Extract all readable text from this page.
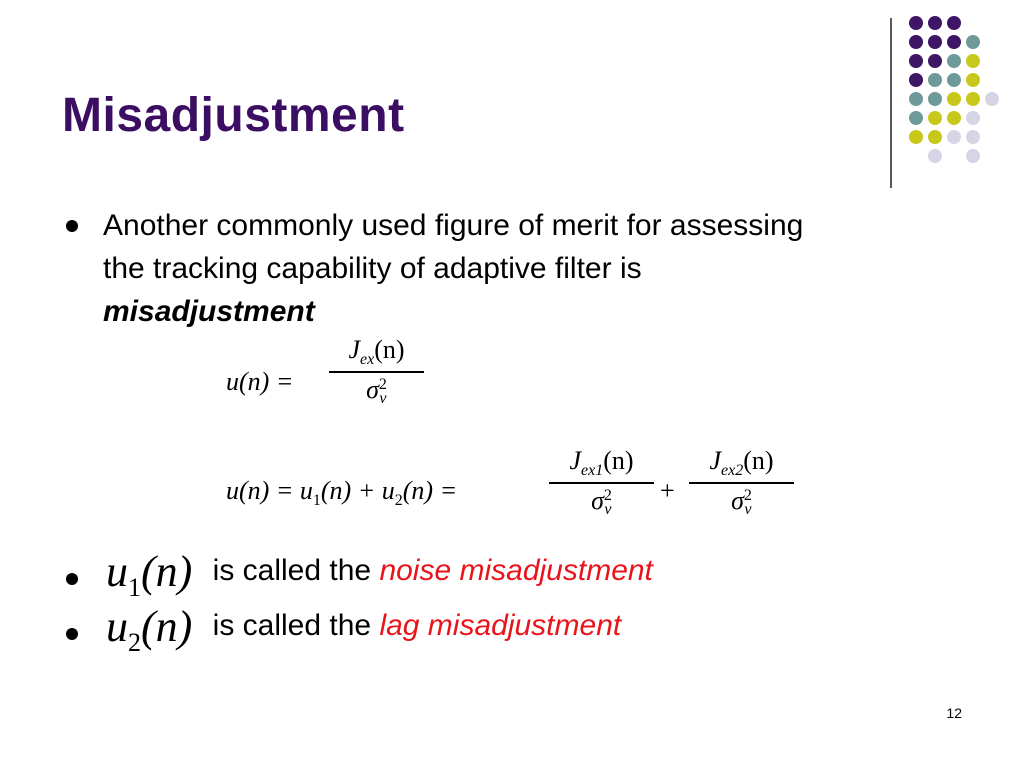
Misadjustment
Another commonly used figure of merit for assessing
the tracking capability of adaptive filter is
misadjustment
u(n) =
$J_{ex}(n)$
σ 2
ν
$u(n) = u_1(n) + u_2(n)$ =
$J_{ex1}(n)$
σ 2
ν
+
$J_{ex2}(n)$
σ 2
ν
$u_1(n)$ is called the noise misadjustment
$u_2(n)$ is called the lag misadjustment
12
